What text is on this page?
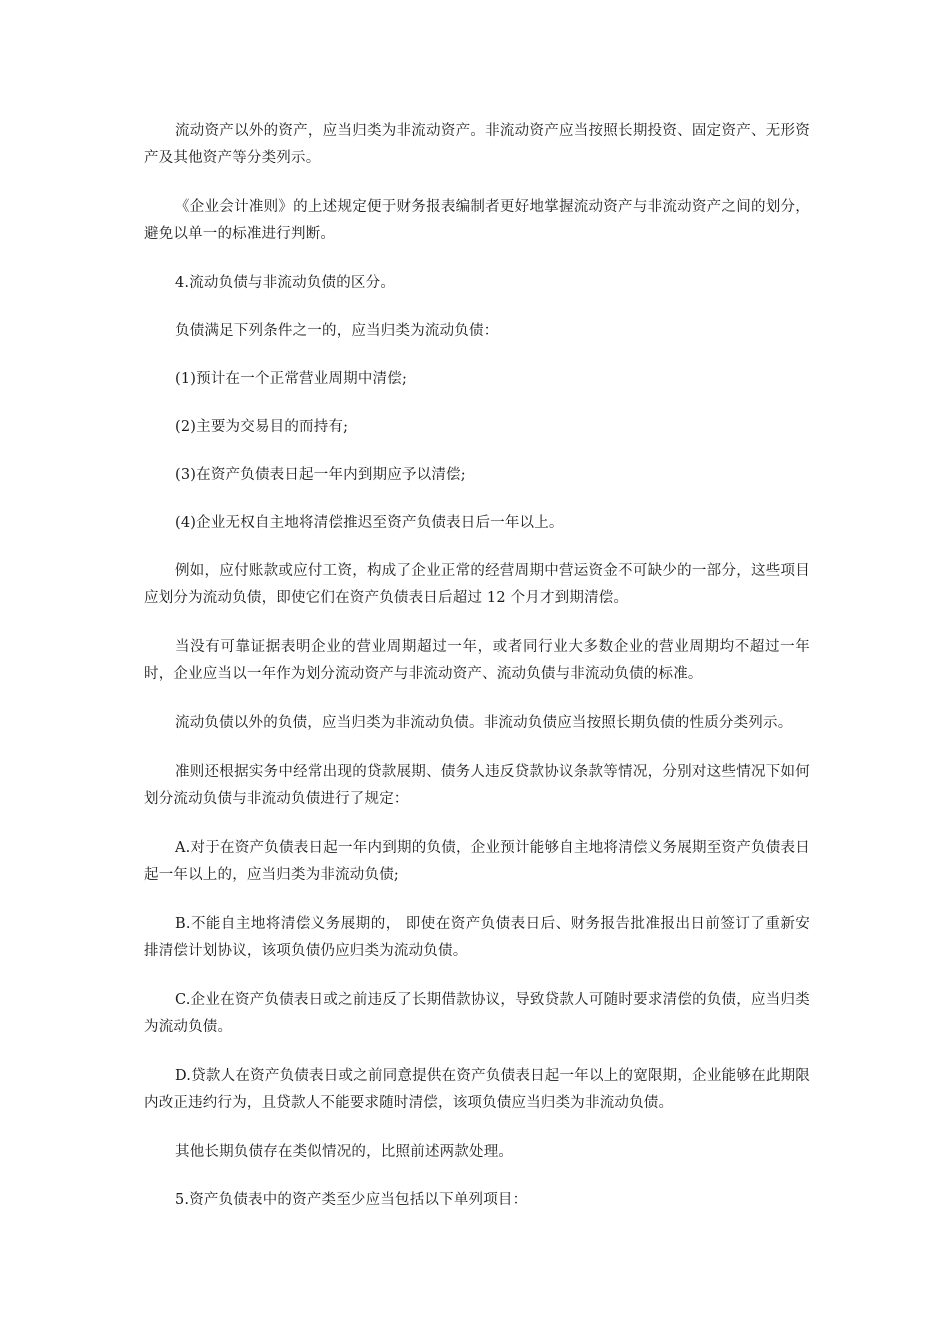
流动资产以外的资产，应当归类为非流动资产。非流动资产应当按照长期投资、固定资产、无形资产及其他资产等分类列示。

《企业会计准则》的上述规定便于财务报表编制者更好地掌握流动资产与非流动资产之间的划分，避免以单一的标准进行判断。

4.流动负债与非流动负债的区分。

负债满足下列条件之一的，应当归类为流动负债：

(1)预计在一个正常营业周期中清偿;

(2)主要为交易目的而持有;

(3)在资产负债表日起一年内到期应予以清偿;

(4)企业无权自主地将清偿推迟至资产负债表日后一年以上。

例如，应付账款或应付工资，构成了企业正常的经营周期中营运资金不可缺少的一部分，这些项目应划分为流动负债，即使它们在资产负债表日后超过 12 个月才到期清偿。

当没有可靠证据表明企业的营业周期超过一年，或者同行业大多数企业的营业周期均不超过一年时，企业应当以一年作为划分流动资产与非流动资产、流动负债与非流动负债的标准。

流动负债以外的负债，应当归类为非流动负债。非流动负债应当按照长期负债的性质分类列示。

准则还根据实务中经常出现的贷款展期、债务人违反贷款协议条款等情况，分别对这些情况下如何划分流动负债与非流动负债进行了规定：

A.对于在资产负债表日起一年内到期的负债，企业预计能够自主地将清偿义务展期至资产负债表日起一年以上的，应当归类为非流动负债;

B.不能自主地将清偿义务展期的， 即使在资产负债表日后、财务报告批准报出日前签订了重新安排清偿计划协议，该项负债仍应归类为流动负债。

C.企业在资产负债表日或之前违反了长期借款协议，导致贷款人可随时要求清偿的负债，应当归类为流动负债。

D.贷款人在资产负债表日或之前同意提供在资产负债表日起一年以上的宽限期，企业能够在此期限内改正违约行为，且贷款人不能要求随时清偿，该项负债应当归类为非流动负债。

其他长期负债存在类似情况的，比照前述两款处理。

5.资产负债表中的资产类至少应当包括以下单列项目：
